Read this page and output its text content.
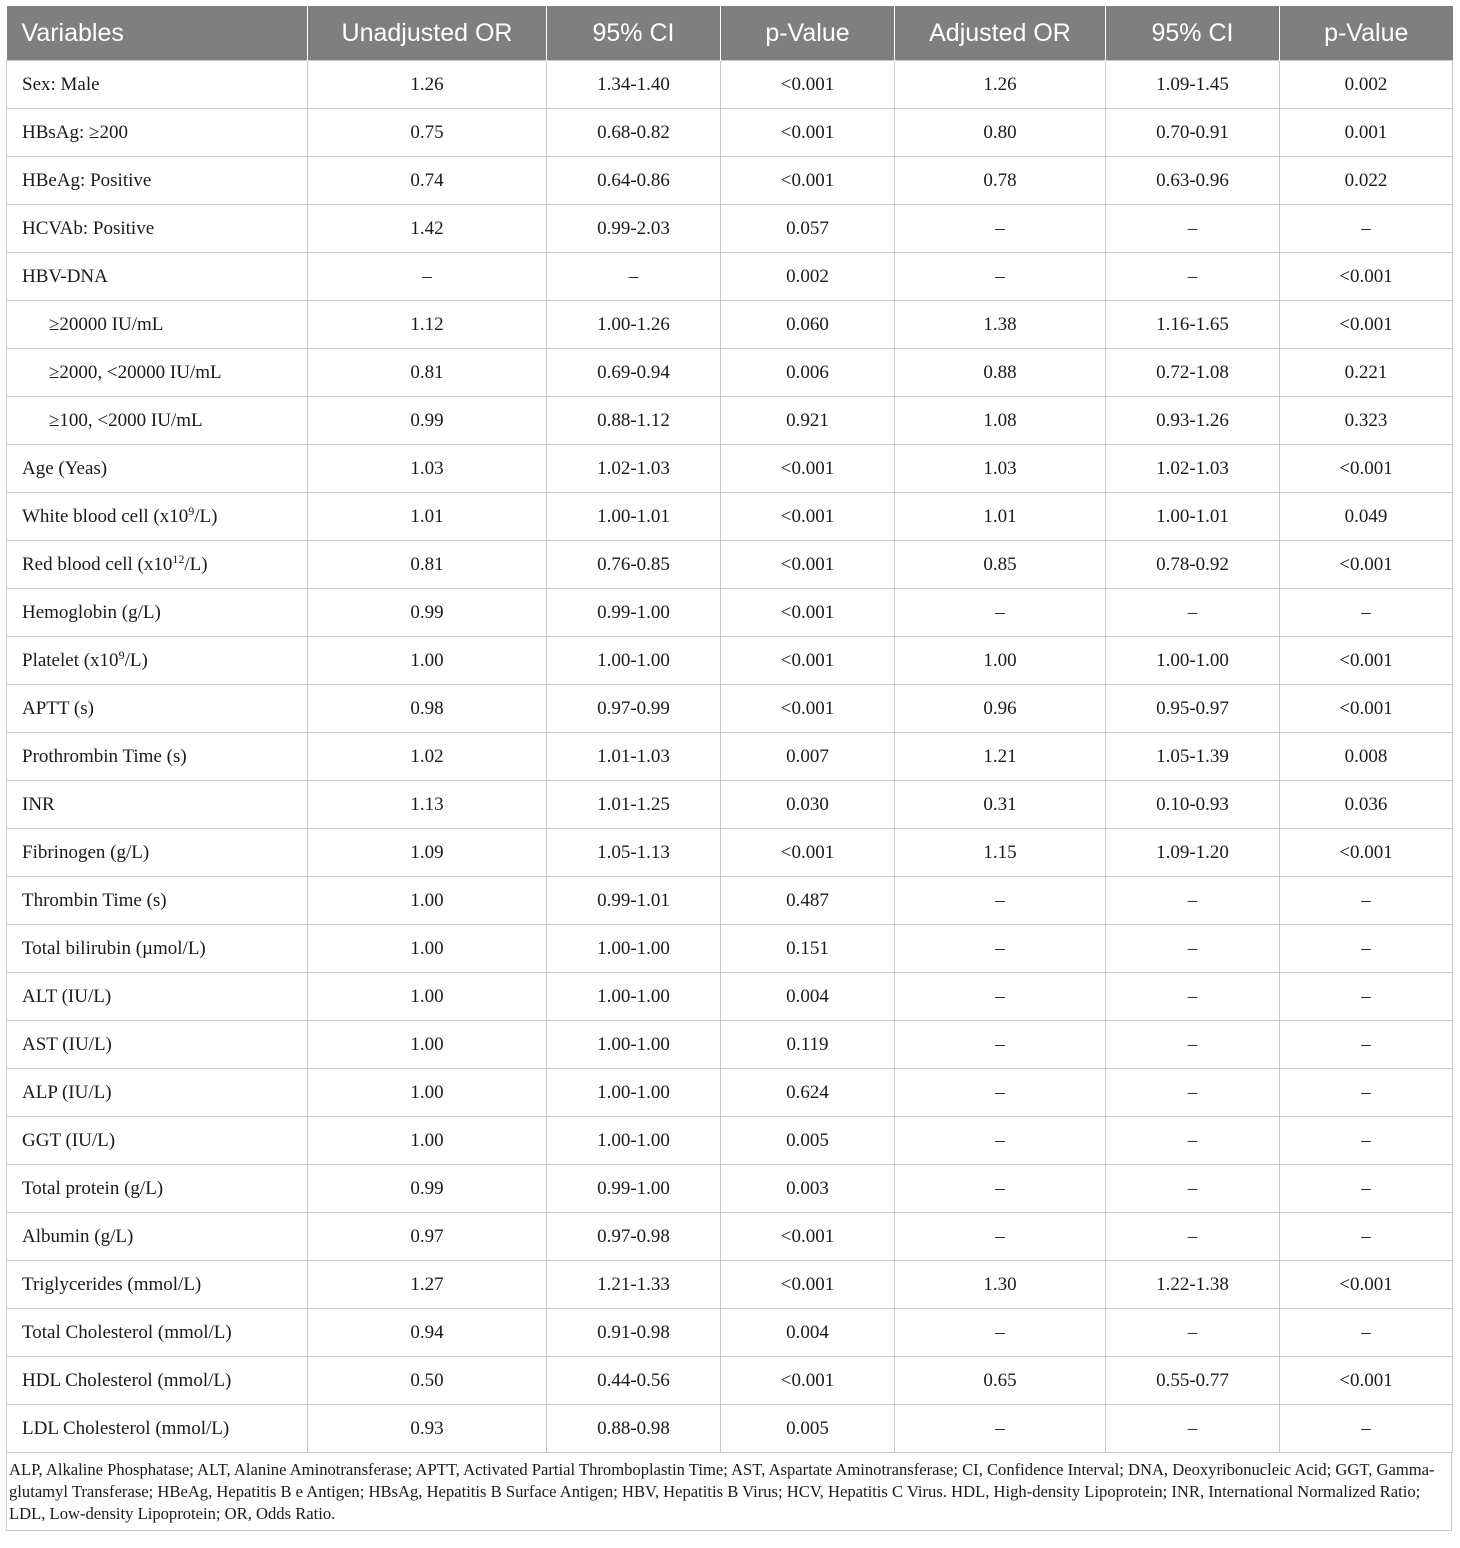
Variables	Unadjusted OR	95% CI	p-Value	Adjusted OR	95% CI	p-Value
Sex: Male	1.26	1.34-1.40	<0.001	1.26	1.09-1.45	0.002
HBsAg: ≥200	0.75	0.68-0.82	<0.001	0.80	0.70-0.91	0.001
HBeAg: Positive	0.74	0.64-0.86	<0.001	0.78	0.63-0.96	0.022
HCVAb: Positive	1.42	0.99-2.03	0.057	–	–	–
HBV-DNA	–	–	0.002	–	–	<0.001
≥20000 IU/mL	1.12	1.00-1.26	0.060	1.38	1.16-1.65	<0.001
≥2000, <20000 IU/mL	0.81	0.69-0.94	0.006	0.88	0.72-1.08	0.221
≥100, <2000 IU/mL	0.99	0.88-1.12	0.921	1.08	0.93-1.26	0.323
Age (Yeas)	1.03	1.02-1.03	<0.001	1.03	1.02-1.03	<0.001
White blood cell $(x10^9/L)$	1.01	1.00-1.01	<0.001	1.01	1.00-1.01	0.049
Red blood cell $(x10^{12}/L)$	0.81	0.76-0.85	<0.001	0.85	0.78-0.92	<0.001
Hemoglobin (g/L)	0.99	0.99-1.00	<0.001	–	–	–
Platelet $(x10^9/L)$	1.00	1.00-1.00	<0.001	1.00	1.00-1.00	<0.001
APTT (s)	0.98	0.97-0.99	<0.001	0.96	0.95-0.97	<0.001
Prothrombin Time (s)	1.02	1.01-1.03	0.007	1.21	1.05-1.39	0.008
INR	1.13	1.01-1.25	0.030	0.31	0.10-0.93	0.036
Fibrinogen (g/L)	1.09	1.05-1.13	<0.001	1.15	1.09-1.20	<0.001
Thrombin Time (s)	1.00	0.99-1.01	0.487	–	–	–
Total bilirubin (µmol/L)	1.00	1.00-1.00	0.151	–	–	–
ALT (IU/L)	1.00	1.00-1.00	0.004	–	–	–
AST (IU/L)	1.00	1.00-1.00	0.119	–	–	–
ALP (IU/L)	1.00	1.00-1.00	0.624	–	–	–
GGT (IU/L)	1.00	1.00-1.00	0.005	–	–	–
Total protein (g/L)	0.99	0.99-1.00	0.003	–	–	–
Albumin (g/L)	0.97	0.97-0.98	<0.001	–	–	–
Triglycerides (mmol/L)	1.27	1.21-1.33	<0.001	1.30	1.22-1.38	<0.001
Total Cholesterol (mmol/L)	0.94	0.91-0.98	0.004	–	–	–
HDL Cholesterol (mmol/L)	0.50	0.44-0.56	<0.001	0.65	0.55-0.77	<0.001
LDL Cholesterol (mmol/L)	0.93	0.88-0.98	0.005	–	–	–
ALP, Alkaline Phosphatase; ALT, Alanine Aminotransferase; APTT, Activated Partial Thromboplastin Time; AST, Aspartate Aminotransferase; CI, Confidence Interval; DNA, Deoxyribonucleic Acid; GGT, Gamma-glutamyl Transferase; HBeAg, Hepatitis B e Antigen; HBsAg, Hepatitis B Surface Antigen; HBV, Hepatitis B Virus; HCV, Hepatitis C Virus. HDL, High-density Lipoprotein; INR, International Normalized Ratio; LDL, Low-density Lipoprotein; OR, Odds Ratio.
